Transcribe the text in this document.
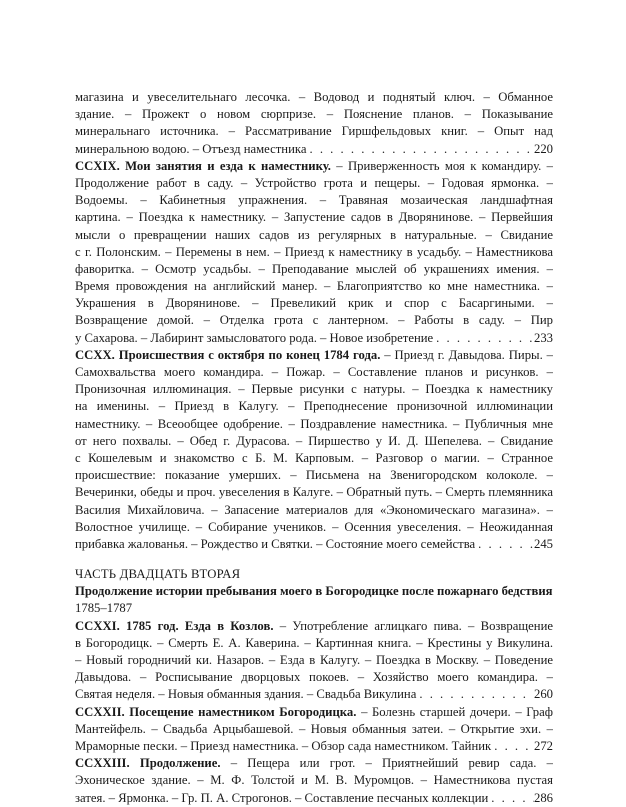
магазина и увеселительнаго лесочка. – Водовод и поднятый ключ. – Обманное
здание. – Прожект о новом сюрпризе. – Пояснение планов. – Показывание
минеральнаго источника. – Рассматривание Гиршфельдовых книг. – Опыт над
минеральною водою. – Отъезд наместника . . .	220
CCXIX. Мои занятия и езда к наместнику. – Приверженность моя к командиру. –
Продолжение работ в саду. – Устройство грота и пещеры. – Годовая ярмонка. –
Водоемы. – Кабинетныя упражнения. – Травяная мозаическая ландшафтная
картина. – Поездка к наместнику. – Запустение садов в Дворянинове. – Первейшия
мысли о превращении наших садов из регулярных в натуральные. – Свидание
с г. Полонским. – Перемены в нем. – Приезд к наместнику в усадьбу. – Наместникова
фаворитка. – Осмотр усадьбы. – Преподавание мыслей об украшениях имения. –
Время провождения на английский манер. – Благоприятство ко мне наместника. –
Украшения в Дворянинове. – Превеликий крик и спор с Басаргиными. –
Возвращение домой. – Отделка грота с лантерном. – Работы в саду. – Пир
у Сахарова. – Лабиринт замысловатого рода. – Новое изобретение . . .	233
CCXX. Происшествия с октября по конец 1784 года. – Приезд г. Давыдова. Пиры. –
Самохвальства моего командира. – Пожар. – Составление планов и рисунков. –
Пронизочная иллюминация. – Первые рисунки с натуры. – Поездка к наместнику
на именины. – Приезд в Калугу. – Преподнесение пронизочной иллюминации
наместнику. – Всеообщее одобрение. – Поздравление наместника. – Публичныя мне
от него похвалы. – Обед г. Дурасова. – Пиршество у И. Д. Шепелева. – Свидание
с Кошелевым и знакомство с Б. М. Карповым. – Разговор о магии. – Странное
происшествие: показание умерших. – Письмена на Звенигородском колоколе. –
Вечеринки, обеды и проч. увеселения в Калуге. – Обратный путь. – Смерть племянника
Василия Михайловича. – Запасение материалов для «Экономическаго магазина». –
Волостное училище. – Собирание учеников. – Осенния увеселения. – Неожиданная
прибавка жалованья. – Рождество и Святки. – Состояние моего семейства . . .	245
ЧАСТЬ ДВАДЦАТЬ ВТОРАЯ
Продолжение истории пребывания моего в Богородицке после пожарнаго бедствия
1785–1787
CCXXI. 1785 год. Езда в Козлов. – Употребление аглицкаго пива. – Возвращение
в Богородицк. – Смерть Е. А. Каверина. – Картинная книга. – Крестины у Викулина.
– Новый городничий ки. Назаров. – Езда в Калугу. – Поездка в Москву. – Поведение
Давыдова. – Росписывание дворцовых покоев. – Хозяйство моего командира. –
Святая неделя. – Новыя обманныя здания. – Свадьба Викулина . . .	260
CCXXII. Посещение наместником Богородицка. – Болезнь старшей дочери. – Граф
Мантейфель. – Свадьба Арцыбашевой. – Новыя обманныя затеи. – Открытие эхи. –
Мраморные пески. – Приезд наместника. – Обзор сада наместником. Тайник . . .	272
CCXXIII. Продолжение. – Пещера или грот. – Приятнейший ревир сада. –
Эхоническое здание. – М. Ф. Толстой и М. В. Муромцов. – Наместникова пустая
затея. – Ярмонка. – Гр. П. А. Строгонов. – Составление песчаных коллекции . . .	286
